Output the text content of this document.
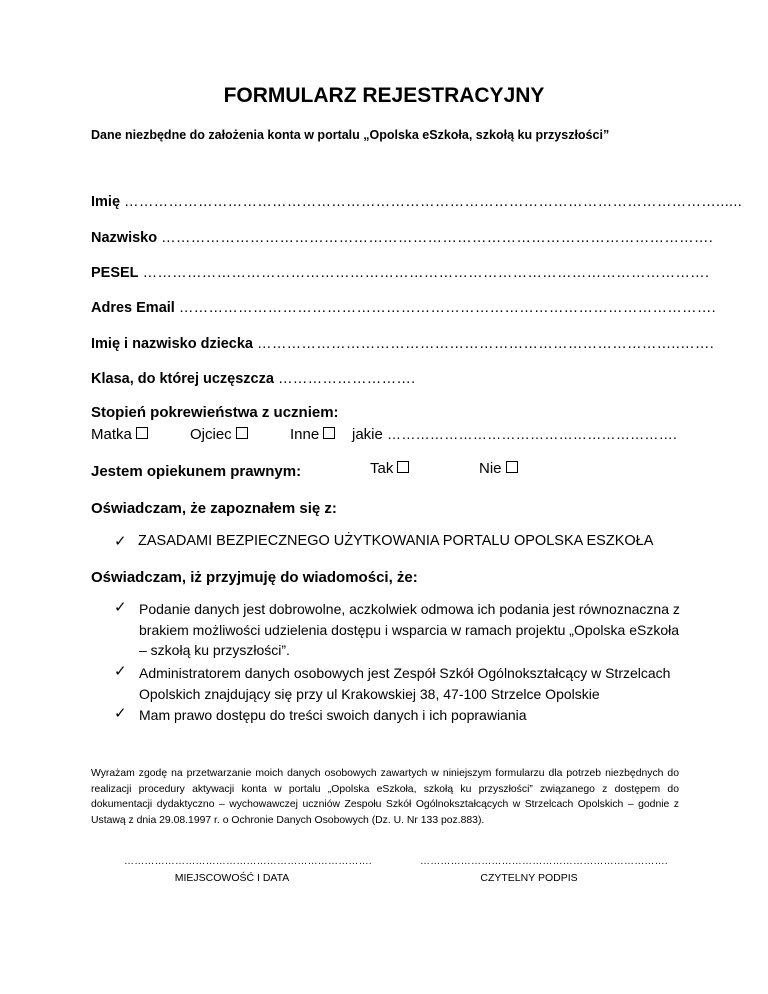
FORMULARZ REJESTRACYJNY
Dane niezbędne do założenia konta w portalu „Opolska eSzkoła, szkołą ku przyszłości”
Imię …………………………………………………………………………………………………………......
Nazwisko ………………………………………………………………………………………………….
PESEL …………………………………………………………………………………………………….
Adres Email ……………………………………………………………………………………………….
Imię i nazwisko dziecka …………………………………………………………………………..…….
Klasa, do której uczęszcza ……………………….
Stopień pokrewieństwa z uczniem:
Matka	Ojciec	Inne	jakie …………………………………………………….
Jestem opiekunem prawnym:	Tak	Nie
Oświadczam, że zapoznałem się z:
✓ ZASADAMI BEZPIECZNEGO UŻYTKOWANIA PORTALU OPOLSKA ESZKOŁA
Oświadczam, iż przyjmuję do wiadomości, że:
✓ Podanie danych jest dobrowolne, aczkolwiek odmowa ich podania jest równoznaczna z brakiem możliwości udzielenia dostępu i wsparcia w ramach projektu „Opolska eSzkoła – szkołą ku przyszłości”.
✓ Administratorem danych osobowych jest Zespół Szkół Ogólnokształcący w Strzelcach Opolskich znajdujący się przy ul Krakowskiej 38, 47-100 Strzelce Opolskie
✓ Mam prawo dostępu do treści swoich danych i ich poprawiania
Wyrażam zgodę na przetwarzanie moich danych osobowych zawartych w niniejszym formularzu dla potrzeb niezbędnych do realizacji procedury aktywacji konta w portalu „Opolska eSzkoła, szkołą ku przyszłości” związanego z dostępem do dokumentacji dydaktyczno – wychowawczej uczniów Zespołu Szkół Ogólnokształcących w Strzelcach Opolskich – godnie z Ustawą z dnia 29.08.1997 r. o Ochronie Danych Osobowych (Dz. U. Nr 133 poz.883).
……………………………………………………………….
MIEJSCOWOŚĆ I DATA
……………………………………………………………….
CZYTELNY PODPIS
